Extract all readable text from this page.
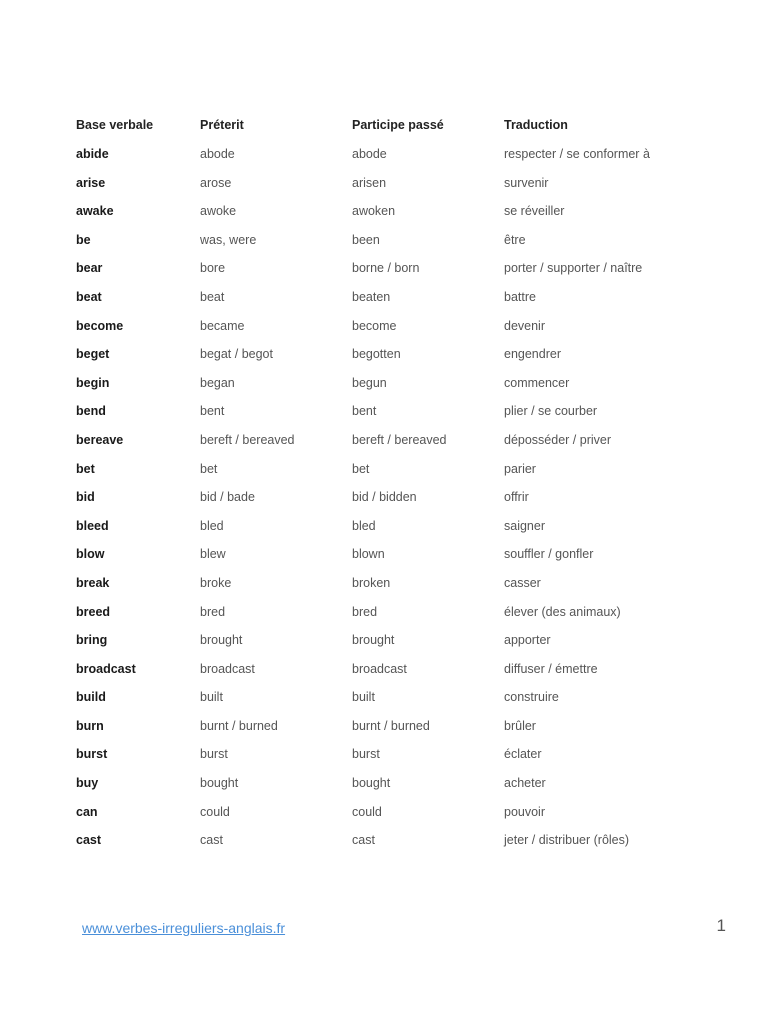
Base verbale	Préterit	Participe passé	Traduction
abide	abode	abode	respecter / se conformer à
arise	arose	arisen	survenir
awake	awoke	awoken	se réveiller
be	was, were	been	être
bear	bore	borne / born	porter / supporter / naître
beat	beat	beaten	battre
become	became	become	devenir
beget	begat / begot	begotten	engendrer
begin	began	begun	commencer
bend	bent	bent	plier / se courber
bereave	bereft / bereaved	bereft / bereaved	déposséder / priver
bet	bet	bet	parier
bid	bid / bade	bid / bidden	offrir
bleed	bled	bled	saigner
blow	blew	blown	souffler / gonfler
break	broke	broken	casser
breed	bred	bred	élever (des animaux)
bring	brought	brought	apporter
broadcast	broadcast	broadcast	diffuser / émettre
build	built	built	construire
burn	burnt / burned	burnt / burned	brûler
burst	burst	burst	éclater
buy	bought	bought	acheter
can	could	could	pouvoir
cast	cast	cast	jeter / distribuer (rôles)
www.verbes-irreguliers-anglais.fr	1
